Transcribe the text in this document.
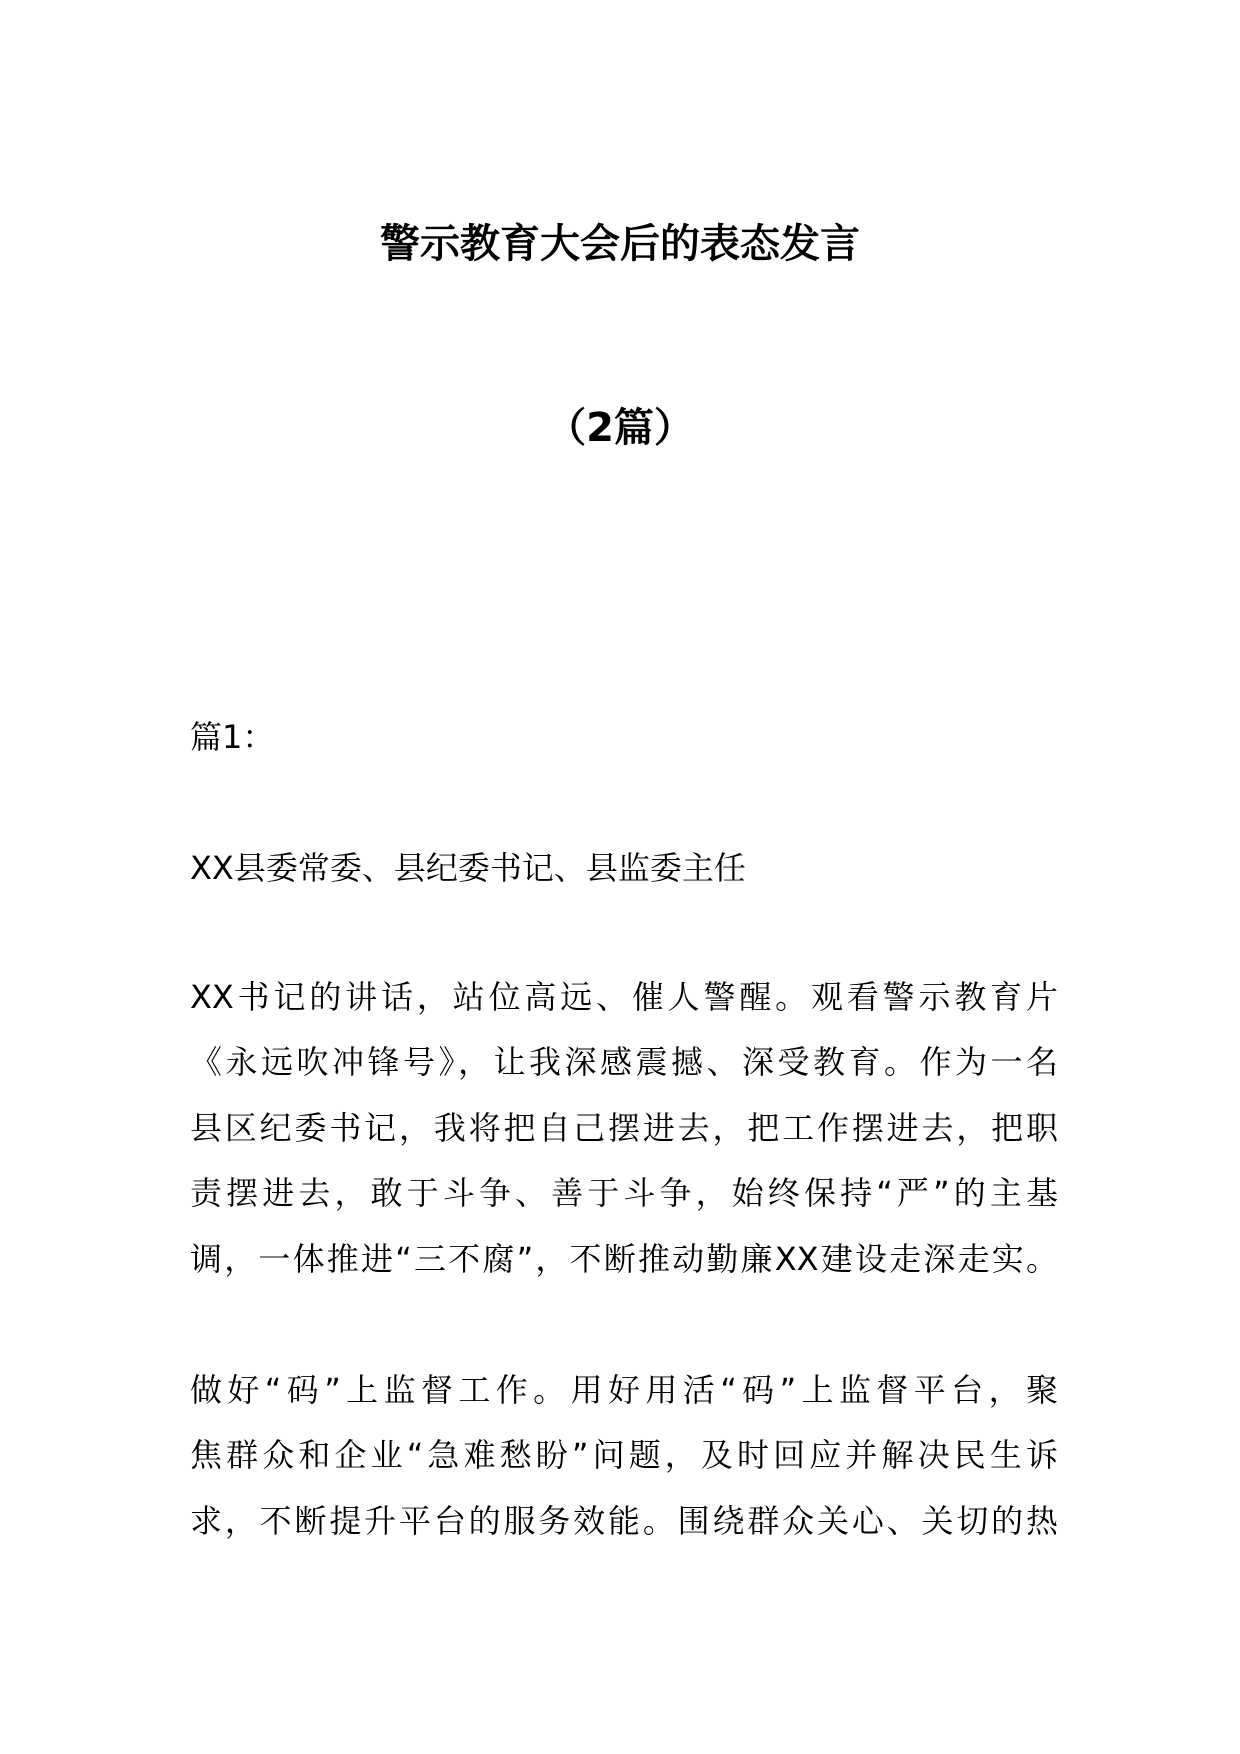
警示教育大会后的表态发言
（2篇）
篇1：
XX县委常委、县纪委书记、县监委主任
XX书记的讲话，站位高远、催人警醒。观看警示教育片
《永远吹冲锋号》，让我深感震撼、深受教育。作为一名
县区纪委书记，我将把自己摆进去，把工作摆进去，把职
责摆进去，敢于斗争、善于斗争，始终保持“严”的主基
调，一体推进“三不腐”，不断推动勤廉XX建设走深走实。
做好“码”上监督工作。用好用活“码”上监督平台，聚
焦群众和企业“急难愁盼”问题，及时回应并解决民生诉
求，不断提升平台的服务效能。围绕群众关心、关切的热
